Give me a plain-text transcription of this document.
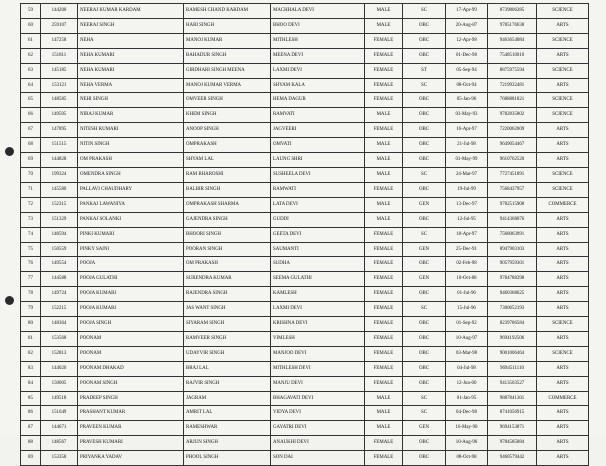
59	144200	NEERAJ KUMAR KARDAM	RAMESH CHAND KARDAM	MACHHALA DEVI	MALE	SC	17-Apr-99	8739806285	SCIENCE
60	259107	NEERAJ SINGH	HARI SINGH	BHOO DEVI	MALE	OBC	20-Aug-87	9785176638	ARTS
61	147258	NEHA	MANOJ KUMAR	MITHLESH	FEMALE	OBC	12-Apr-98	9463654084	SCIENCE
62	151811	NEHA KUMARI	BAHADUR SINGH	MEENA DEVI	FEMALE	OBC	01-Dec-98	7548510010	ARTS
63	145185	NEHA KUMARI	GIRDHARI SINGH MEENA	LAXMI DEVI	FEMALE	ST	05-Sep-94	8875975594	SCIENCE
64	153121	NEHA VERMA	MANOJ KUMAR VERMA	SHYAM KALA	FEMALE	SC	08-Oct-94	7219932481	ARTS
65	148585	NEHI SINGH	OMVEER SINGH	HEMA DAGUR	FEMALE	OBC	05-Jan-96	7688881821	SCIENCE
66	149505	NIRAJ KUMAR	KHEM SINGH	RAMVATI	MALE	OBC	03-May-93	9782835802	SCIENCE
67	147895	NITESH KUMARI	ANOOP SINGH	JAGVEERI	FEMALE	OBC	16-Apr-97	7220062009	ARTS
68	151515	NITIN SINGH	OMPRAKASH	OMVATI	MALE	OBC	21-Jul-98	9649054467	ARTS
69	144828	OM PRAKASH	SHYAM LAL	LAUNG SHRI	MALE	OBC	01-May-99	9610762520	ARTS
70	199324	OMENDRA SINGH	RAM BHAROSHI	SUSHEELA DEVI	MALE	SC	24-Mar-97	7727451891	SCIENCE
71	145580	PALLAVI CHAUDHARY	BALBIR SINGH	RAMWATI	FEMALE	OBC	19-Jul-99	7568437957	SCIENCE
72	152315	PANKAJ LAWANIYA	OMPRAKASH SHARMA	LATA DEVI	MALE	GEN	13-Dec-97	9782515908	COMMERCE
73	151329	PANKAJ SOLANKI	GAJENDRA SINGH	GUDDI	MALE	OBC	12-Jul-95	9414368076	ARTS
74	148594	PINKI KUMARI	BHOORI SINGH	GEETA DEVI	FEMALE	SC	18-Apr-97	7568063991	ARTS
75	150559	PINKY SAINI	POORAN SINGH	SAUMANTI	FEMALE	GEN	25-Dec-91	8947903103	ARTS
76	149554	POOJA	OM PRAKASH	SUDHA	FEMALE	OBC	02-Feb-98	9057959301	ARTS
77	144588	POOJA GULATHI	SURENDRA KUMAR	SEEMA GULATHI	FEMALE	GEN	10-Oct-88	9784788398	ARTS
78	149724	POOJA KUMARI	RAJENDRA SINGH	KAMLESH	FEMALE	OBC	01-Jul-96	9460368625	ARTS
79	152215	POOJA KUMARI	JAS WANT SINGH	LAXMI DEVI	FEMALE	SC	15-Jul-96	7300652193	ARTS
80	148364	POOJA SINGH	SIYARAM SINGH	KRISHNA DEVI	FEMALE	OBC	01-Sep-92	8239786584	SCIENCE
81	153568	POONAM	RAMVEER SINGH	VIMLESH	FEMALE	OBC	10-Aug-97	9694192506	ARTS
82	152813	POONAM	UDAYVIR SINGH	MANJOO DEVI	FEMALE	OBC	03-Mar-98	9001006464	SCIENCE
83	144020	POONAM DHAKAD	BRAJ LAL	MITHLESH DEVI	FEMALE	OBC	04-Jul-98	9694511110	ARTS
84	150005	POONAM SINGH	RAJVIR SINGH	MANJU DEVI	FEMALE	OBC	12-Jun-00	9413503527	ARTS
85	149518	PRADEEP SINGH	JAGRAM	BHAGAVATI DEVI	MALE	SC	01-Jan-95	9887841301	COMMERCE
86	151649	PRASHANT KUMAR	AMRIT LAL	VIDYA DEVI	MALE	SC	04-Dec-98	8741056915	ARTS
87	144671	PRAVEEN KUMAR	RAMESHWAR	GAYATRI DEVI	MALE	GEN	16-May-90	9694153871	ARTS
88	148567	PRAVESH KUMARI	ARJUN SINGH	ANAUKHI DEVI	FEMALE	OBC	10-Aug-96	9784585884	ARTS
89	153358	PRIYANKA YADAV	PHOOL SINGH	SON DAI	FEMALE	OBC	08-Oct-98	9460579442	ARTS
